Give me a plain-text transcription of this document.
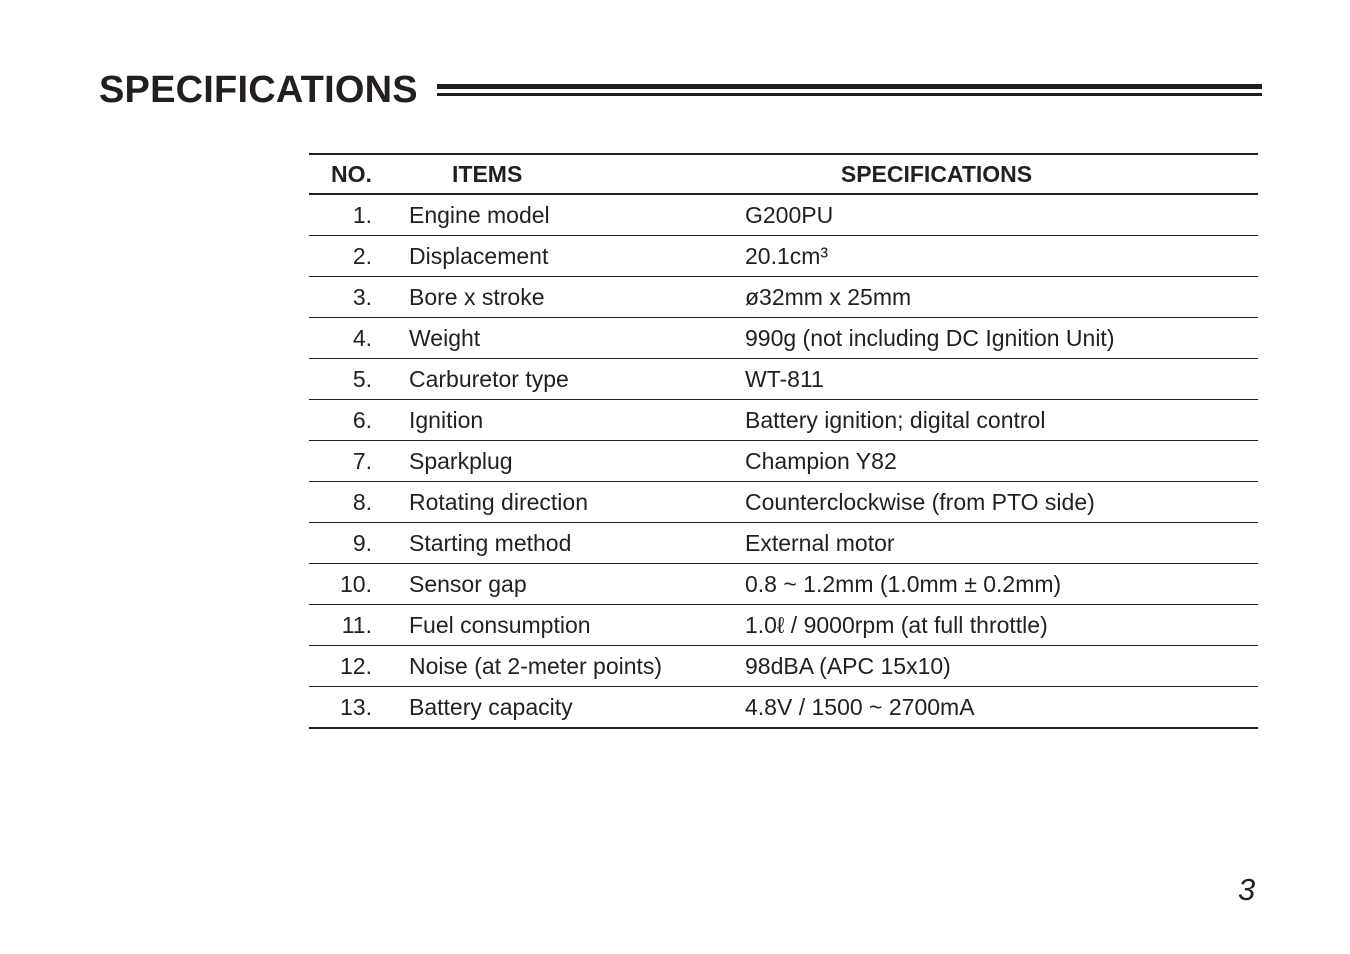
SPECIFICATIONS
NO.	ITEMS	SPECIFICATIONS
1.	Engine model	G200PU
2.	Displacement	20.1cm³
3.	Bore x stroke	ø32mm x 25mm
4.	Weight	990g (not including DC Ignition Unit)
5.	Carburetor type	WT-811
6.	Ignition	Battery ignition; digital control
7.	Sparkplug	Champion Y82
8.	Rotating direction	Counterclockwise (from PTO side)
9.	Starting method	External motor
10.	Sensor gap	0.8 ~ 1.2mm (1.0mm ± 0.2mm)
11.	Fuel consumption	1.0ℓ / 9000rpm (at full throttle)
12.	Noise (at 2-meter points)	98dBA (APC 15x10)
13.	Battery capacity	4.8V / 1500 ~ 2700mA
3
